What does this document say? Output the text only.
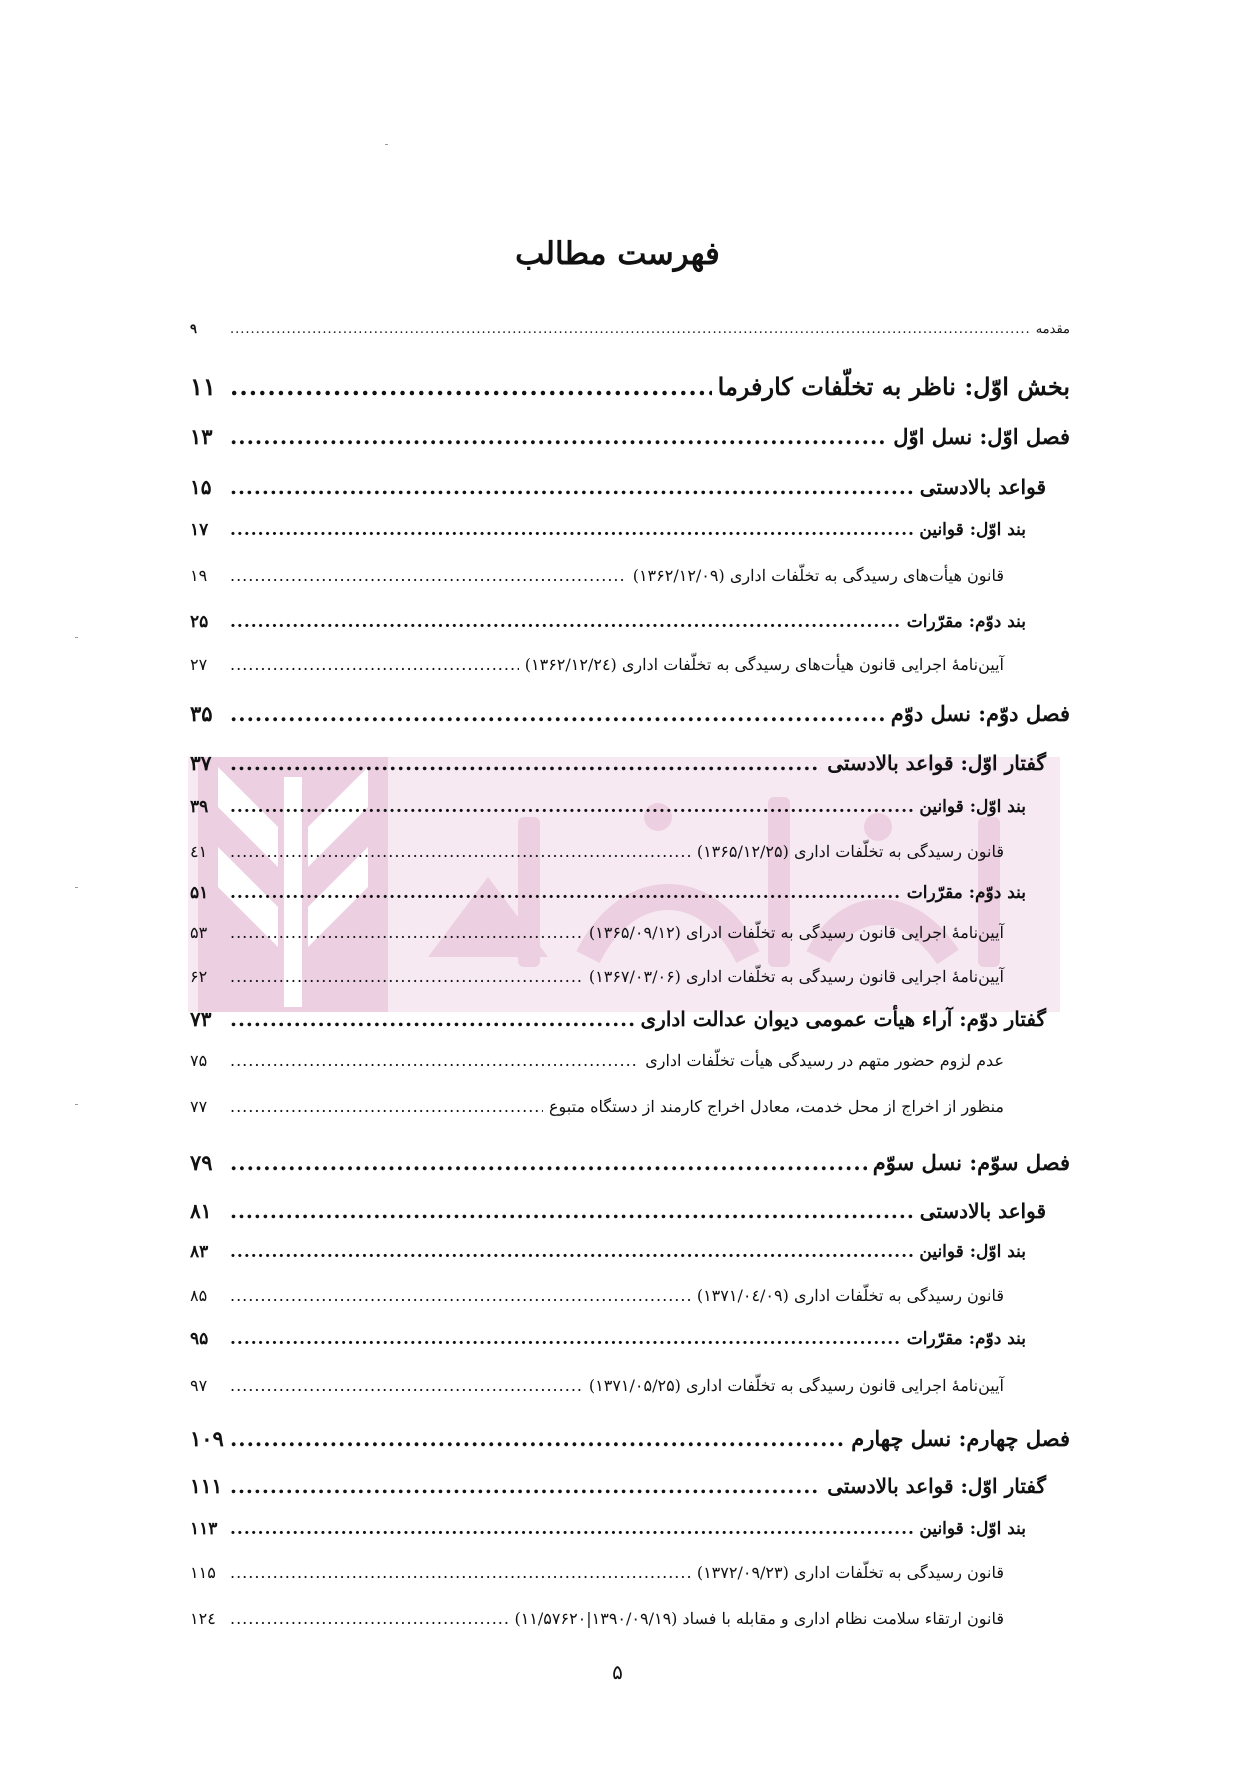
فهرست مطالب
مقدمه
.....
۹
بخش اوّل: ناظر به تخلّفات کارفرما
.....
۱۱
فصل اوّل: نسل اوّل
.....
۱۳
قواعد بالادستی
.....
۱۵
بند اوّل: قوانین
.....
۱۷
قانون هیأت‌های رسیدگی به تخلّفات اداری (۱۳۶۲/۱۲/۰۹)
.....
۱۹
بند دوّم: مقرّرات
.....
۲۵
آیین‌نامۀ اجرایی قانون هیأت‌های رسیدگی به تخلّفات اداری (۱۳۶۲/۱۲/۲٤)
.....
۲۷
فصل دوّم: نسل دوّم
.....
۳۵
گفتار اوّل: قواعد بالادستی
.....
۳۷
بند اوّل: قوانین
.....
۳۹
قانون رسیدگی به تخلّفات اداری (۱۳۶۵/۱۲/۲۵)
.....
٤۱
بند دوّم: مقرّرات
.....
۵۱
آیین‌نامۀ اجرایی قانون رسیدگی به تخلّفات ادرای (۱۳۶۵/۰۹/۱۲)
.....
۵۳
آیین‌نامۀ اجرایی قانون رسیدگی به تخلّفات اداری (۱۳۶۷/۰۳/۰۶)
.....
۶۲
گفتار دوّم: آراء هیأت عمومی دیوان عدالت اداری
.....
۷۳
عدم لزوم حضور متهم در رسیدگی هیأت تخلّفات اداری
.....
۷۵
منظور از اخراج از محل خدمت، معادل اخراج کارمند از دستگاه متبوع
.....
۷۷
فصل سوّم: نسل سوّم
.....
۷۹
قواعد بالادستی
.....
۸۱
بند اوّل: قوانین
.....
۸۳
قانون رسیدگی به تخلّفات اداری (۱۳۷۱/۰٤/۰۹)
.....
۸۵
بند دوّم: مقرّرات
.....
۹۵
آیین‌نامۀ اجرایی قانون رسیدگی به تخلّفات اداری (۱۳۷۱/۰۵/۲۵)
.....
۹۷
فصل چهارم: نسل چهارم
.....
۱۰۹
گفتار اوّل: قواعد بالادستی
.....
۱۱۱
بند اوّل: قوانین
.....
۱۱۳
قانون رسیدگی به تخلّفات اداری (۱۳۷۲/۰۹/۲۳)
.....
۱۱۵
قانون ارتقاء سلامت نظام اداری و مقابله با فساد (۱۳۹۰/۰۹/۱۹|۱۱/۵۷۶۲۰)
.....
۱۲٤
۵
